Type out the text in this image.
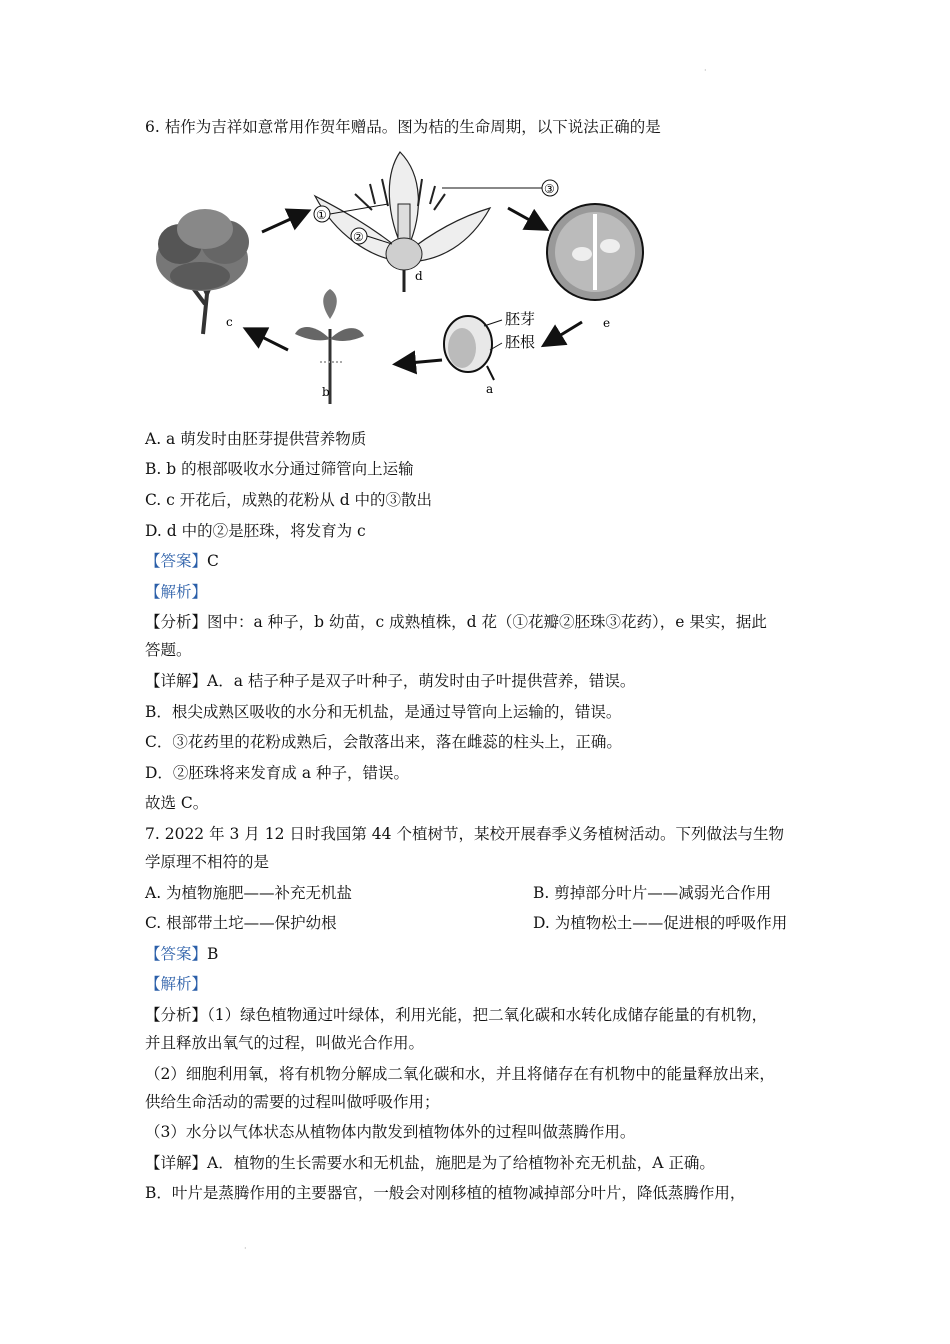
·
6. 桔作为吉祥如意常用作贺年赠品。图为桔的生命周期，以下说法正确的是
c
d
①
②
③
e
a
胚芽
胚根
b
A. a 萌发时由胚芽提供营养物质
B. b 的根部吸收水分通过筛管向上运输
C. c 开花后，成熟的花粉从 d 中的③散出
D. d 中的②是胚珠，将发育为 c
【答案】C
【解析】
【分析】图中：a 种子，b 幼苗，c 成熟植株，d 花（①花瓣②胚珠③花药），e 果实，据此
答题。
【详解】A．a 桔子种子是双子叶种子，萌发时由子叶提供营养，错误。
B．根尖成熟区吸收的水分和无机盐，是通过导管向上运输的，错误。
C．③花药里的花粉成熟后，会散落出来，落在雌蕊的柱头上，正确。
D．②胚珠将来发育成 a 种子，错误。
故选 C。
7. 2022 年 3 月 12 日时我国第 44 个植树节，某校开展春季义务植树活动。下列做法与生物
学原理不相符的是
A. 为植物施肥——补充无机盐	B. 剪掉部分叶片——减弱光合作用
C. 根部带土坨——保护幼根	D. 为植物松土——促进根的呼吸作用
【答案】B
【解析】
【分析】（1）绿色植物通过叶绿体，利用光能，把二氧化碳和水转化成储存能量的有机物，
并且释放出氧气的过程，叫做光合作用。
（2）细胞利用氧，将有机物分解成二氧化碳和水，并且将储存在有机物中的能量释放出来，
供给生命活动的需要的过程叫做呼吸作用；
（3）水分以气体状态从植物体内散发到植物体外的过程叫做蒸腾作用。
【详解】A．植物的生长需要水和无机盐，施肥是为了给植物补充无机盐，A 正确。
B．叶片是蒸腾作用的主要器官，一般会对刚移植的植物减掉部分叶片，降低蒸腾作用，
·
